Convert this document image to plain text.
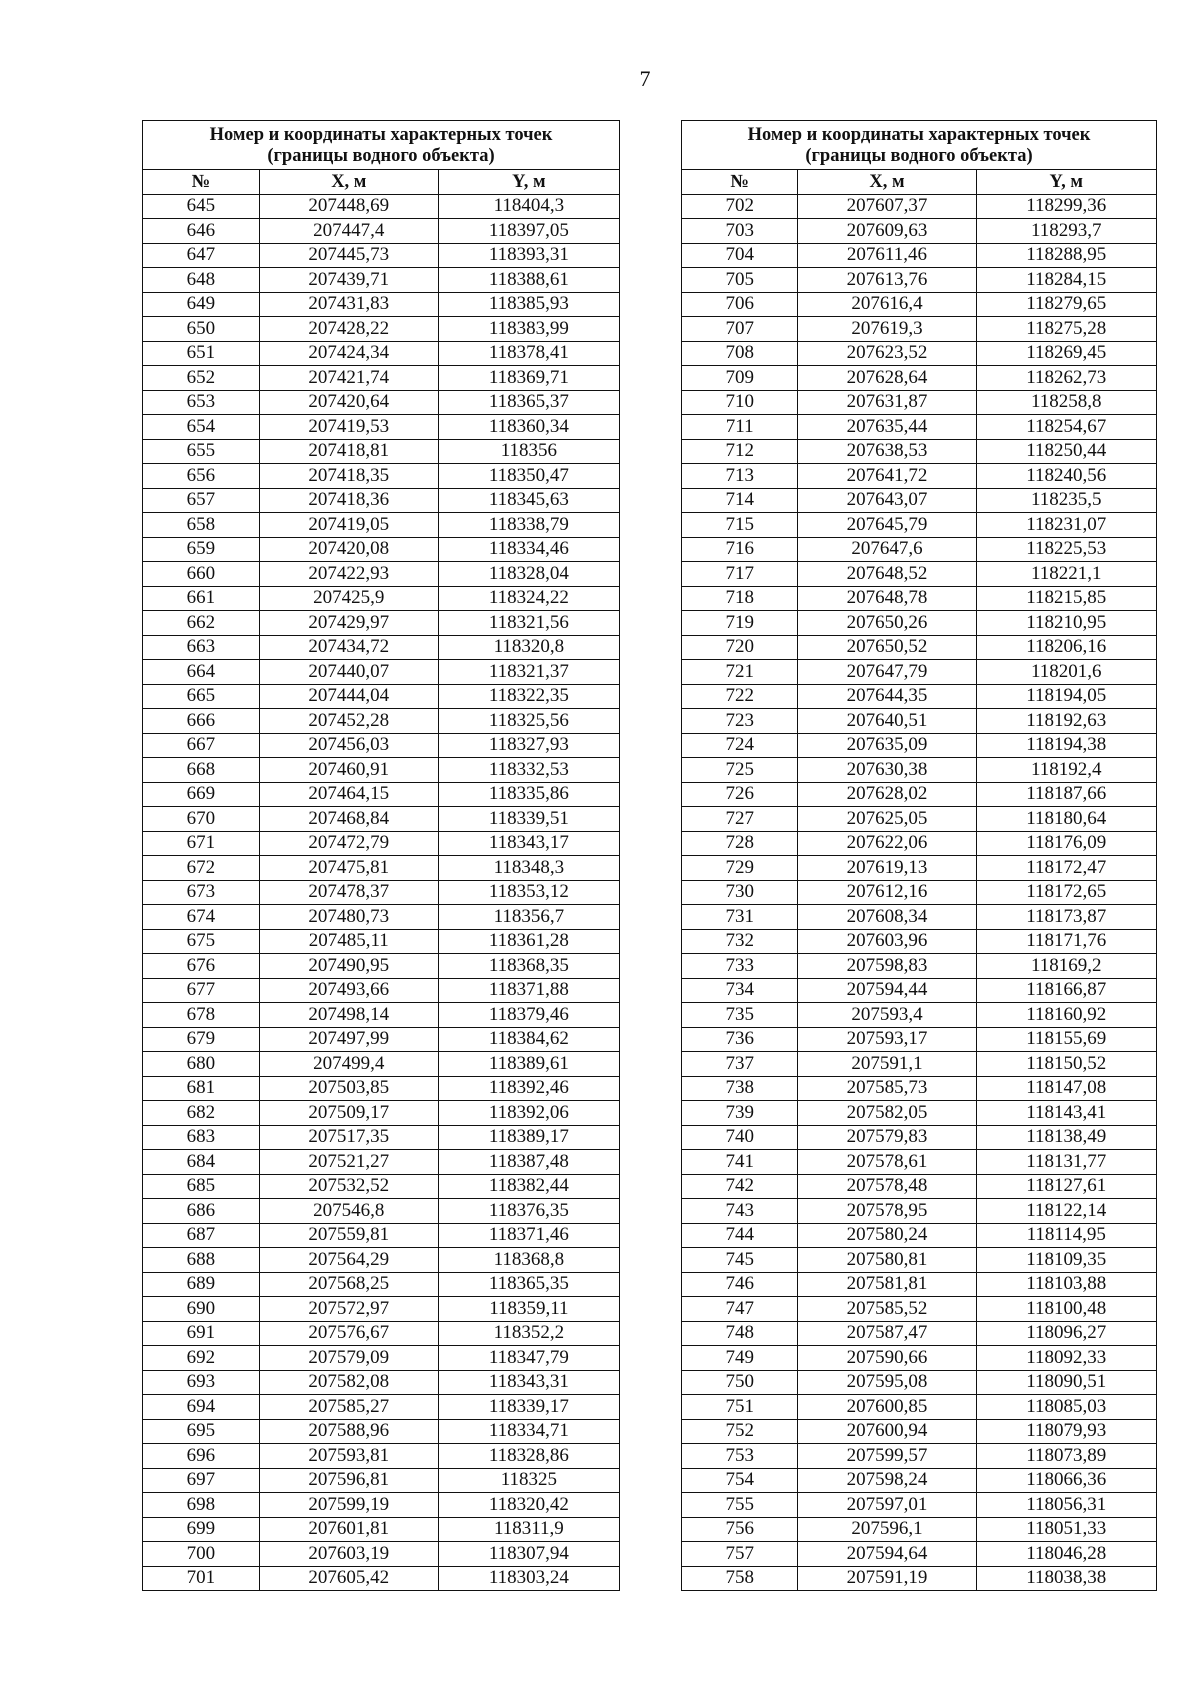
7
Номер и координаты характерных точек
(границы водного объекта)		
№	X, м	Y, м
645	207448,69	118404,3
646	207447,4	118397,05
647	207445,73	118393,31
648	207439,71	118388,61
649	207431,83	118385,93
650	207428,22	118383,99
651	207424,34	118378,41
652	207421,74	118369,71
653	207420,64	118365,37
654	207419,53	118360,34
655	207418,81	118356
656	207418,35	118350,47
657	207418,36	118345,63
658	207419,05	118338,79
659	207420,08	118334,46
660	207422,93	118328,04
661	207425,9	118324,22
662	207429,97	118321,56
663	207434,72	118320,8
664	207440,07	118321,37
665	207444,04	118322,35
666	207452,28	118325,56
667	207456,03	118327,93
668	207460,91	118332,53
669	207464,15	118335,86
670	207468,84	118339,51
671	207472,79	118343,17
672	207475,81	118348,3
673	207478,37	118353,12
674	207480,73	118356,7
675	207485,11	118361,28
676	207490,95	118368,35
677	207493,66	118371,88
678	207498,14	118379,46
679	207497,99	118384,62
680	207499,4	118389,61
681	207503,85	118392,46
682	207509,17	118392,06
683	207517,35	118389,17
684	207521,27	118387,48
685	207532,52	118382,44
686	207546,8	118376,35
687	207559,81	118371,46
688	207564,29	118368,8
689	207568,25	118365,35
690	207572,97	118359,11
691	207576,67	118352,2
692	207579,09	118347,79
693	207582,08	118343,31
694	207585,27	118339,17
695	207588,96	118334,71
696	207593,81	118328,86
697	207596,81	118325
698	207599,19	118320,42
699	207601,81	118311,9
700	207603,19	118307,94
701	207605,42	118303,24
Номер и координаты характерных точек
(границы водного объекта)		
№	X, м	Y, м
702	207607,37	118299,36
703	207609,63	118293,7
704	207611,46	118288,95
705	207613,76	118284,15
706	207616,4	118279,65
707	207619,3	118275,28
708	207623,52	118269,45
709	207628,64	118262,73
710	207631,87	118258,8
711	207635,44	118254,67
712	207638,53	118250,44
713	207641,72	118240,56
714	207643,07	118235,5
715	207645,79	118231,07
716	207647,6	118225,53
717	207648,52	118221,1
718	207648,78	118215,85
719	207650,26	118210,95
720	207650,52	118206,16
721	207647,79	118201,6
722	207644,35	118194,05
723	207640,51	118192,63
724	207635,09	118194,38
725	207630,38	118192,4
726	207628,02	118187,66
727	207625,05	118180,64
728	207622,06	118176,09
729	207619,13	118172,47
730	207612,16	118172,65
731	207608,34	118173,87
732	207603,96	118171,76
733	207598,83	118169,2
734	207594,44	118166,87
735	207593,4	118160,92
736	207593,17	118155,69
737	207591,1	118150,52
738	207585,73	118147,08
739	207582,05	118143,41
740	207579,83	118138,49
741	207578,61	118131,77
742	207578,48	118127,61
743	207578,95	118122,14
744	207580,24	118114,95
745	207580,81	118109,35
746	207581,81	118103,88
747	207585,52	118100,48
748	207587,47	118096,27
749	207590,66	118092,33
750	207595,08	118090,51
751	207600,85	118085,03
752	207600,94	118079,93
753	207599,57	118073,89
754	207598,24	118066,36
755	207597,01	118056,31
756	207596,1	118051,33
757	207594,64	118046,28
758	207591,19	118038,38
